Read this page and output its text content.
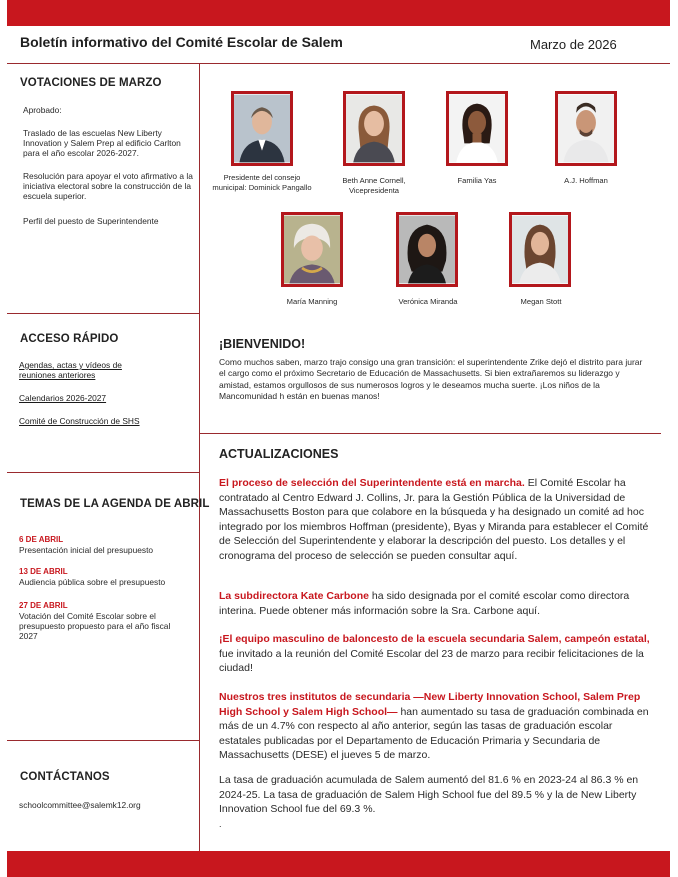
Boletín informativo del Comité Escolar de Salem	Marzo de 2026
VOTACIONES DE MARZO
Aprobado:
Traslado de las escuelas New Liberty Innovation y Salem Prep al edificio Carlton para el año escolar 2026-2027.
Resolución para apoyar el voto afirmativo a la iniciativa electoral sobre la construcción de la escuela superior.
Perfil del puesto de Superintendente
ACCESO RÁPIDO
Agendas, actas y vídeos de reuniones anteriores
Calendarios 2026-2027
Comité de Construcción de SHS
TEMAS DE LA AGENDA DE ABRIL
6 DE ABRIL
Presentación inicial del presupuesto
13 DE ABRIL
Audiencia pública sobre el presupuesto
27 DE ABRIL
Votación del Comité Escolar sobre el presupuesto propuesto para el año fiscal 2027
CONTÁCTANOS
schoolcommittee@salemk12.org
Presidente del consejo municipal: Dominick Pangallo
Beth Anne Cornell, Vicepresidenta
Familia Yas	A.J. Hoffman
María Manning	Verónica Miranda	Megan Stott
¡BIENVENIDO!
Como muchos saben, marzo trajo consigo una gran transición: el superintendente Zrike dejó el distrito para jurar el cargo como el próximo Secretario de Educación de Massachusetts. Si bien extrañaremos su liderazgo y amistad, estamos orgullosos de sus numerosos logros y le deseamos mucha suerte. ¡Los niños de la Mancomunidad h están en buenas manos!
ACTUALIZACIONES
El proceso de selección del Superintendente está en marcha. El Comité Escolar ha contratado al Centro Edward J. Collins, Jr. para la Gestión Pública de la Universidad de Massachusetts Boston para que colabore en la búsqueda y ha designado un comité ad hoc integrado por los miembros Hoffman (presidente), Byas y Miranda para establecer el Comité de Selección del Superintendente y elaborar la descripción del puesto. Los detalles y el cronograma del proceso de selección se pueden consultar aquí.
La subdirectora Kate Carbone ha sido designada por el comité escolar como directora interina. Puede obtener más información sobre la Sra. Carbone aquí.
¡El equipo masculino de baloncesto de la escuela secundaria Salem, campeón estatal, fue invitado a la reunión del Comité Escolar del 23 de marzo para recibir felicitaciones de la ciudad!
Nuestros tres institutos de secundaria —New Liberty Innovation School, Salem Prep High School y Salem High School— han aumentado su tasa de graduación combinada en más de un 4.7% con respecto al año anterior, según las tasas de graduación escolar estatales publicadas por el Departamento de Educación Primaria y Secundaria de Massachusetts (DESE) el jueves 5 de marzo.
La tasa de graduación acumulada de Salem aumentó del 81.6 % en 2023-24 al 86.3 % en 2024-25. La tasa de graduación de Salem High School fue del 89.5 % y la de New Liberty Innovation School fue del 69.3 %.
.
